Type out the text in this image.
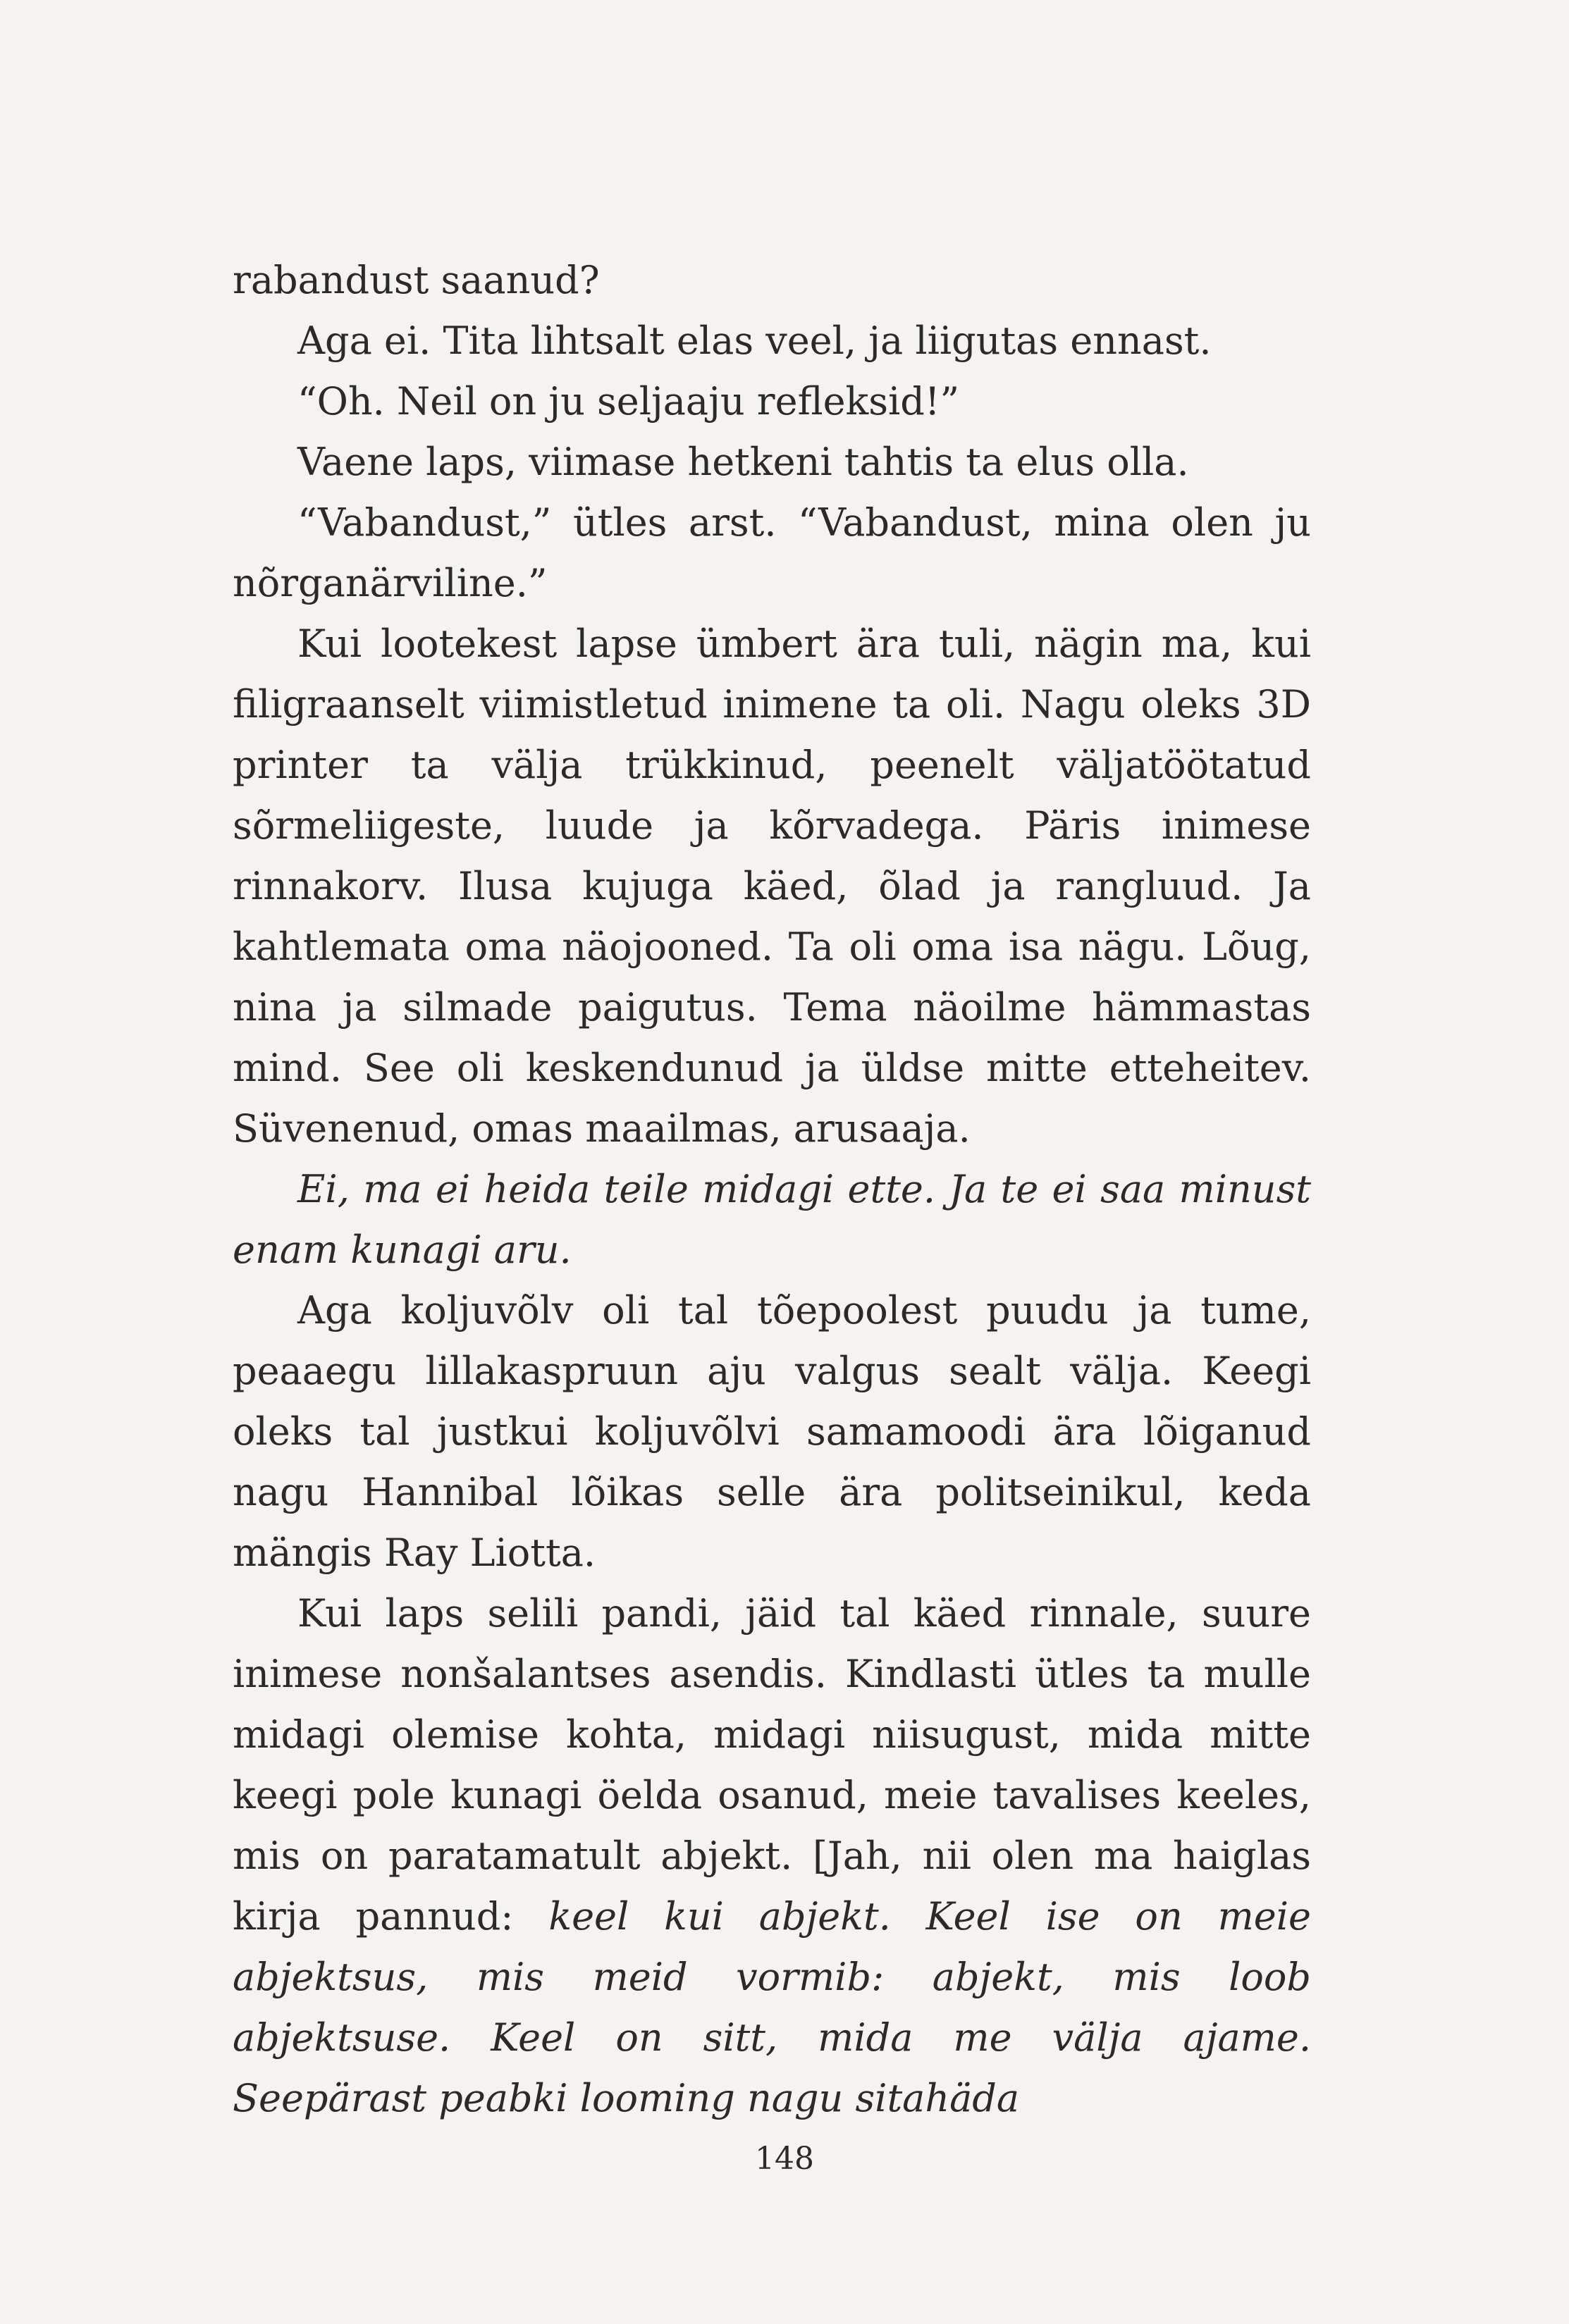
rabandust saanud?

Aga ei. Tita lihtsalt elas veel, ja liigutas ennast.

“Oh. Neil on ju seljaaju refleksid!”

Vaene laps, viimase hetkeni tahtis ta elus olla.

“Vabandust,” ütles arst. “Vabandust, mina olen ju nõrganärviline.”

Kui lootekest lapse ümbert ära tuli, nägin ma, kui filigraanselt viimistletud inimene ta oli. Nagu oleks 3D printer ta välja trükkinud, peenelt väljatöötatud sõrmeliigeste, luude ja kõrvadega. Päris inimese rinnakorv. Ilusa kujuga käed, õlad ja rangluud. Ja kahtlemata oma näojooned. Ta oli oma isa nägu. Lõug, nina ja silmade paigutus. Tema näoilme hämmastas mind. See oli keskendunud ja üldse mitte etteheitev. Süvenenud, omas maailmas, arusaaja.

Ei, ma ei heida teile midagi ette. Ja te ei saa minust enam kunagi aru.

Aga koljuvõlv oli tal tõepoolest puudu ja tume, peaaegu lillakaspruun aju valgus sealt välja. Keegi oleks tal justkui koljuvõlvi samamoodi ära lõiganud nagu Hannibal lõikas selle ära politseinikul, keda mängis Ray Liotta.

Kui laps selili pandi, jäid tal käed rinnale, suure inimese nonšalantses asendis. Kindlasti ütles ta mulle midagi olemise kohta, midagi niisugust, mida mitte keegi pole kunagi öelda osanud, meie tavalises keeles, mis on paratamatult abjekt. [Jah, nii olen ma haiglas kirja pannud: keel kui abjekt. Keel ise on meie abjektsus, mis meid vormib: abjekt, mis loob abjektsuse. Keel on sitt, mida me välja ajame. Seepärast peabki looming nagu sitahäda

148
